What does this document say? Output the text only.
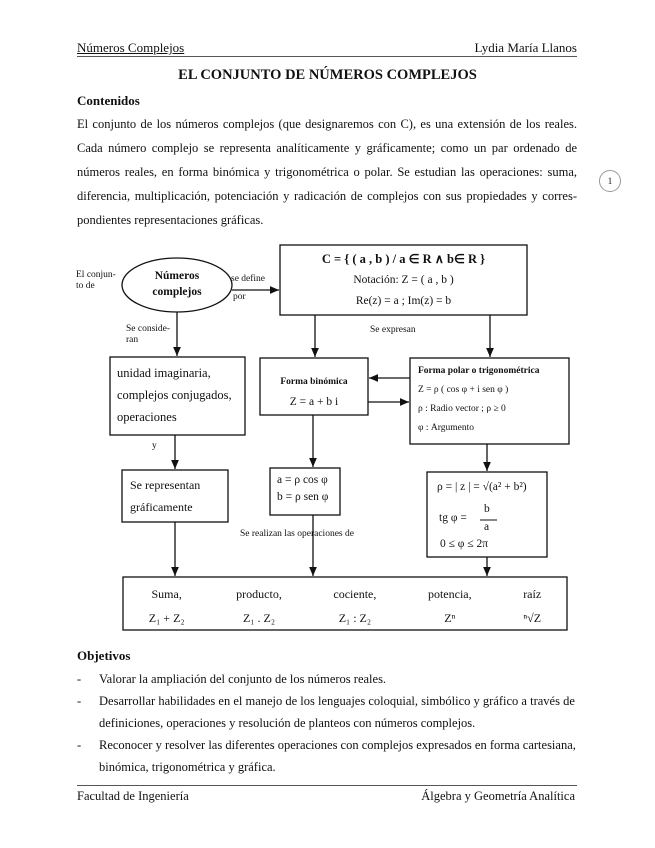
Números Complejos	Lydia María Llanos
EL CONJUNTO DE NÚMEROS COMPLEJOS
Contenidos
El conjunto de los números complejos (que designaremos con C), es una extensión de los reales.
Cada número complejo se representa analíticamente y gráficamente; como un par ordenado de
números reales, en forma binómica y trigonométrica o polar. Se estudian las operaciones: suma,
diferencia, multiplicación, potenciación y radicación de complejos con sus propiedades y corres-
pondientes representaciones gráficas.
1
El conjun-
to de
Números
complejos
se define
por
C = { ( a , b ) / a ∈ R ∧ b∈ R }
Notación: Z = ( a , b )
Re(z) = a ; Im(z) = b
Se conside-
ran
Se expresan
unidad imaginaria,
complejos conjugados,
operaciones
Forma binómica
Z = a + b i
Forma polar o trigonométrica
Z = ρ ( cos φ + i sen φ )
ρ : Radio vector ; ρ ≥ 0
φ : Argumento
y
Se representan
gráficamente
a = ρ cos φ
b = ρ sen φ
ρ = | z | = √(a² + b²)
tg φ =
b
a
0 ≤ φ ≤ 2π
Se realizan las operaciones de
Suma,
Z₁ + Z₂
producto,
Z₁ . Z₂
cociente,
Z₁ : Z₂
potencia,
Zⁿ
raíz
ⁿ√Z
Objetivos
- Valorar la ampliación del conjunto de los números reales.
- Desarrollar habilidades en el manejo de los lenguajes coloquial, simbólico y gráfico a través de definiciones, operaciones y resolución de planteos con números complejos.
- Reconocer y resolver las diferentes operaciones con complejos expresados en forma cartesiana, binómica, trigonométrica y gráfica.
Facultad de Ingeniería	Álgebra y Geometría Analítica
